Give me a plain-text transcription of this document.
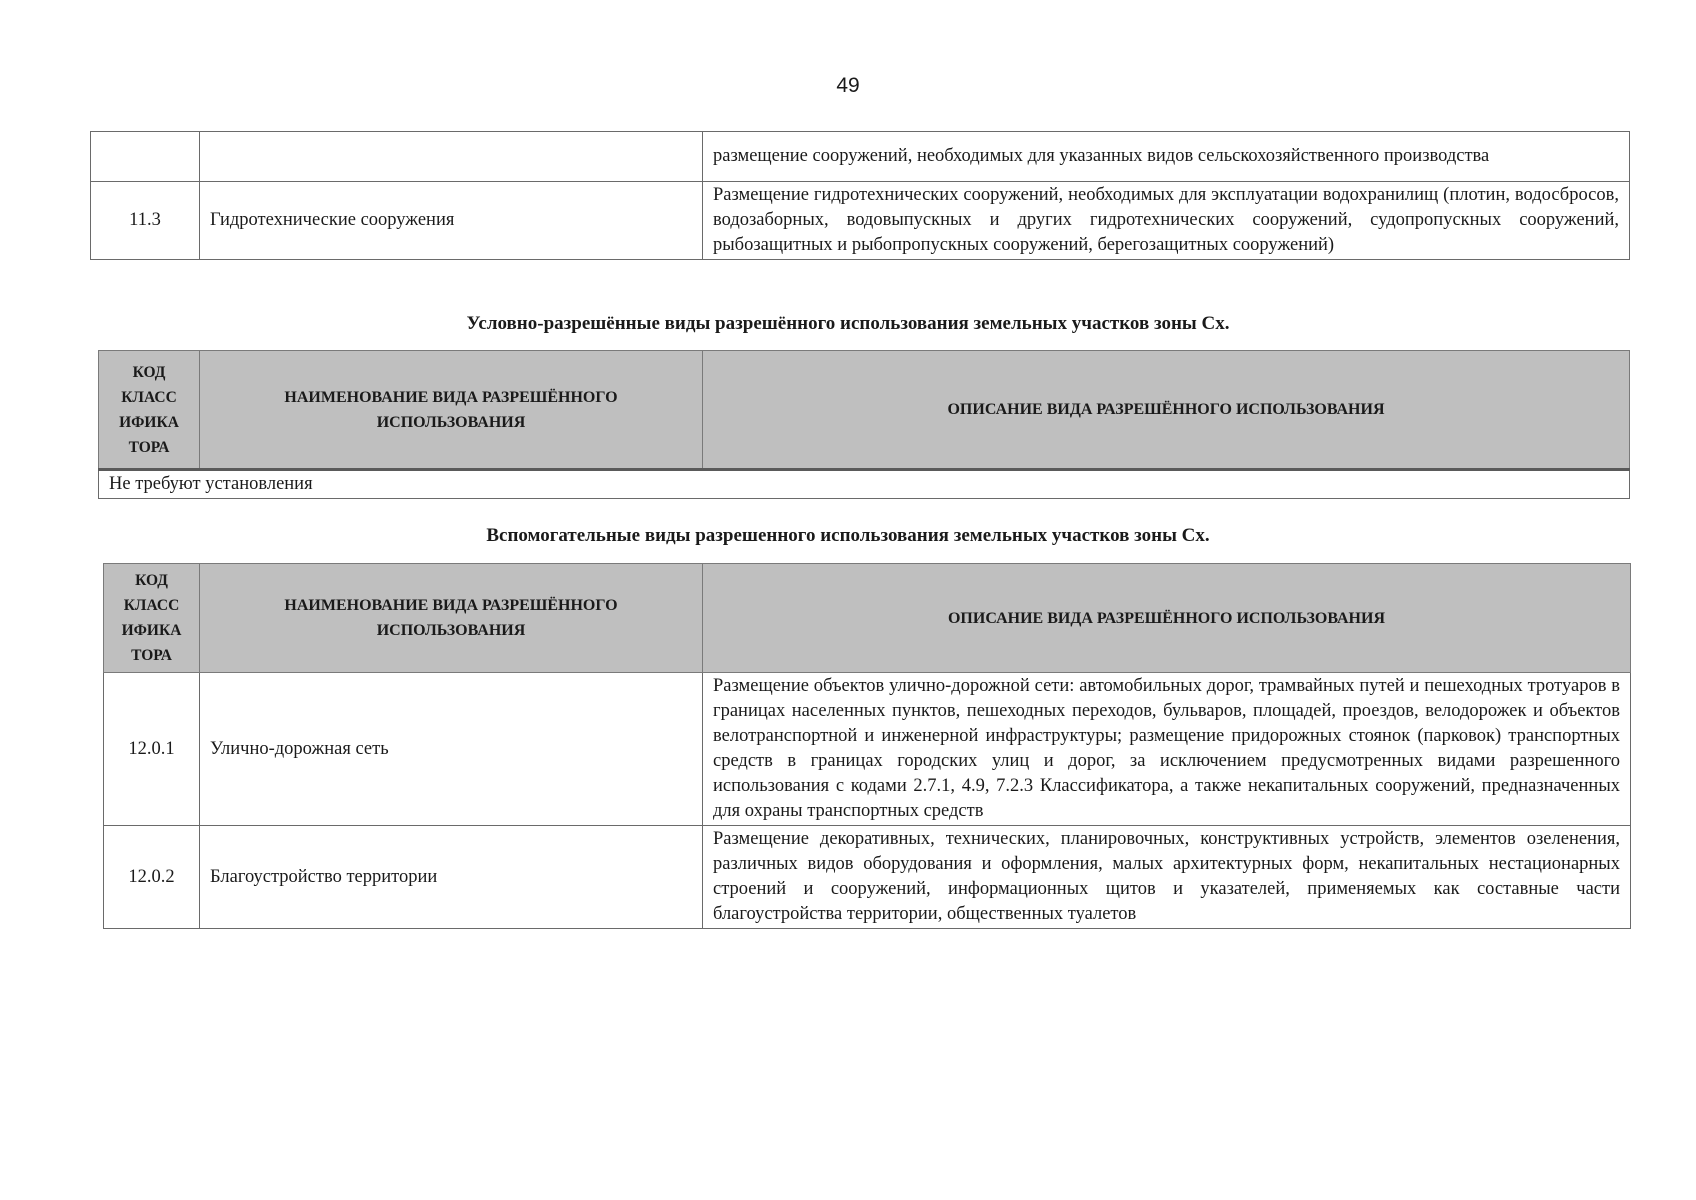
49
		размещение сооружений, необходимых для указанных видов сельскохозяйственного производства
11.3	Гидротехнические сооружения	Размещение гидротехнических сооружений, необходимых для эксплуатации водохранилищ (плотин, водосбросов, водозаборных, водовыпускных и других гидротехнических сооружений, судопропускных сооружений, рыбозащитных и рыбопропускных сооружений, берегозащитных сооружений)
Условно-разрешённые виды разрешённого использования земельных участков зоны Сх.
КОД
КЛАСС
ИФИКА
ТОРА	НАИМЕНОВАНИЕ ВИДА РАЗРЕШЁННОГО ИСПОЛЬЗОВАНИЯ	ОПИСАНИЕ ВИДА РАЗРЕШЁННОГО ИСПОЛЬЗОВАНИЯ
Не требуют установления
Вспомогательные виды разрешенного использования земельных участков зоны Сх.
КОД
КЛАСС
ИФИКА
ТОРА	НАИМЕНОВАНИЕ ВИДА РАЗРЕШЁННОГО ИСПОЛЬЗОВАНИЯ	ОПИСАНИЕ ВИДА РАЗРЕШЁННОГО ИСПОЛЬЗОВАНИЯ
12.0.1	Улично-дорожная сеть	Размещение объектов улично-дорожной сети: автомобильных дорог, трамвайных путей и пешеходных тротуаров в границах населенных пунктов, пешеходных переходов, бульваров, площадей, проездов, велодорожек и объектов велотранспортной и инженерной инфраструктуры; размещение придорожных стоянок (парковок) транспортных средств в границах городских улиц и дорог, за исключением предусмотренных видами разрешенного использования с кодами 2.7.1, 4.9, 7.2.3 Классификатора, а также некапитальных сооружений, предназначенных для охраны транспортных средств
12.0.2	Благоустройство территории	Размещение декоративных, технических, планировочных, конструктивных устройств, элементов озеленения, различных видов оборудования и оформления, малых архитектурных форм, некапитальных нестационарных строений и сооружений, информационных щитов и указателей, применяемых как составные части благоустройства территории, общественных туалетов
